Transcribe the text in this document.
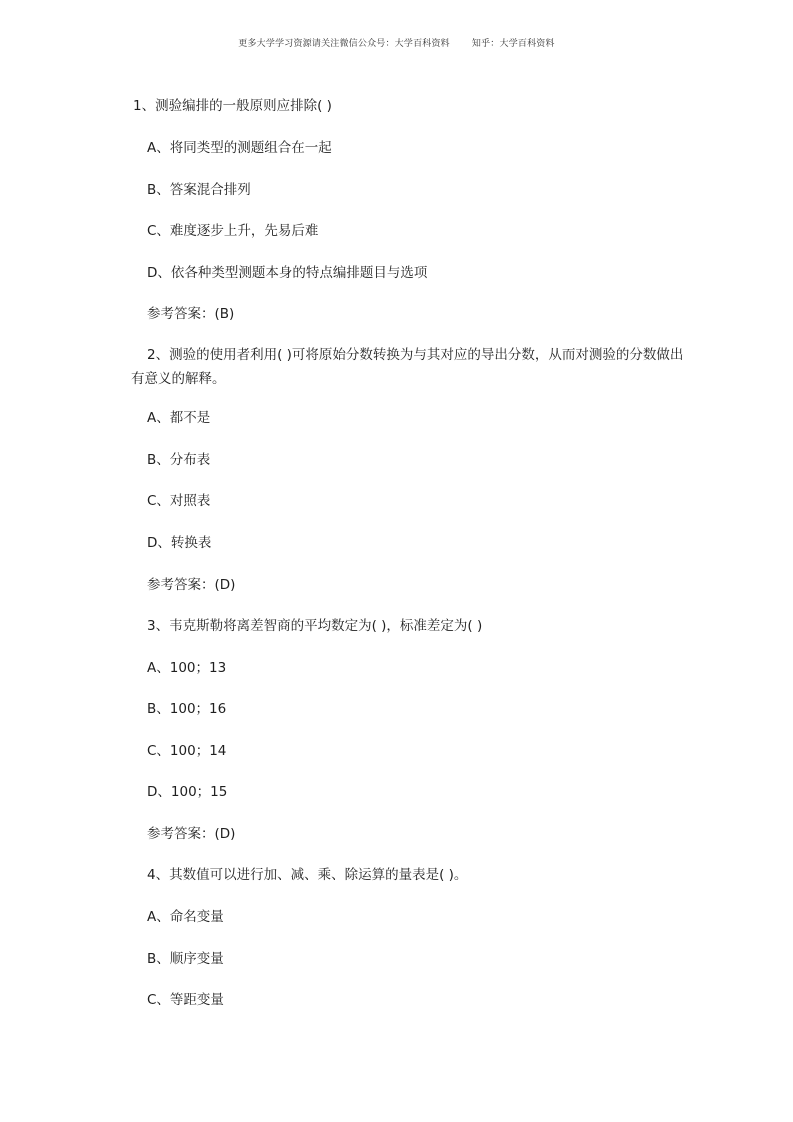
更多大学学习资源请关注微信公众号：大学百科资料 知乎：大学百科资料
1、测验编排的一般原则应排除( )
A、将同类型的测题组合在一起
B、答案混合排列
C、难度逐步上升，先易后难
D、依各种类型测题本身的特点编排题目与选项
参考答案：(B)
2、测验的使用者利用( )可将原始分数转换为与其对应的导出分数，从而对测验的分数做出有意义的解释。
A、都不是
B、分布表
C、对照表
D、转换表
参考答案：(D)
3、韦克斯勒将离差智商的平均数定为( )，标准差定为( )
A、100；13
B、100；16
C、100；14
D、100；15
参考答案：(D)
4、其数值可以进行加、减、乘、除运算的量表是( )。
A、命名变量
B、顺序变量
C、等距变量
